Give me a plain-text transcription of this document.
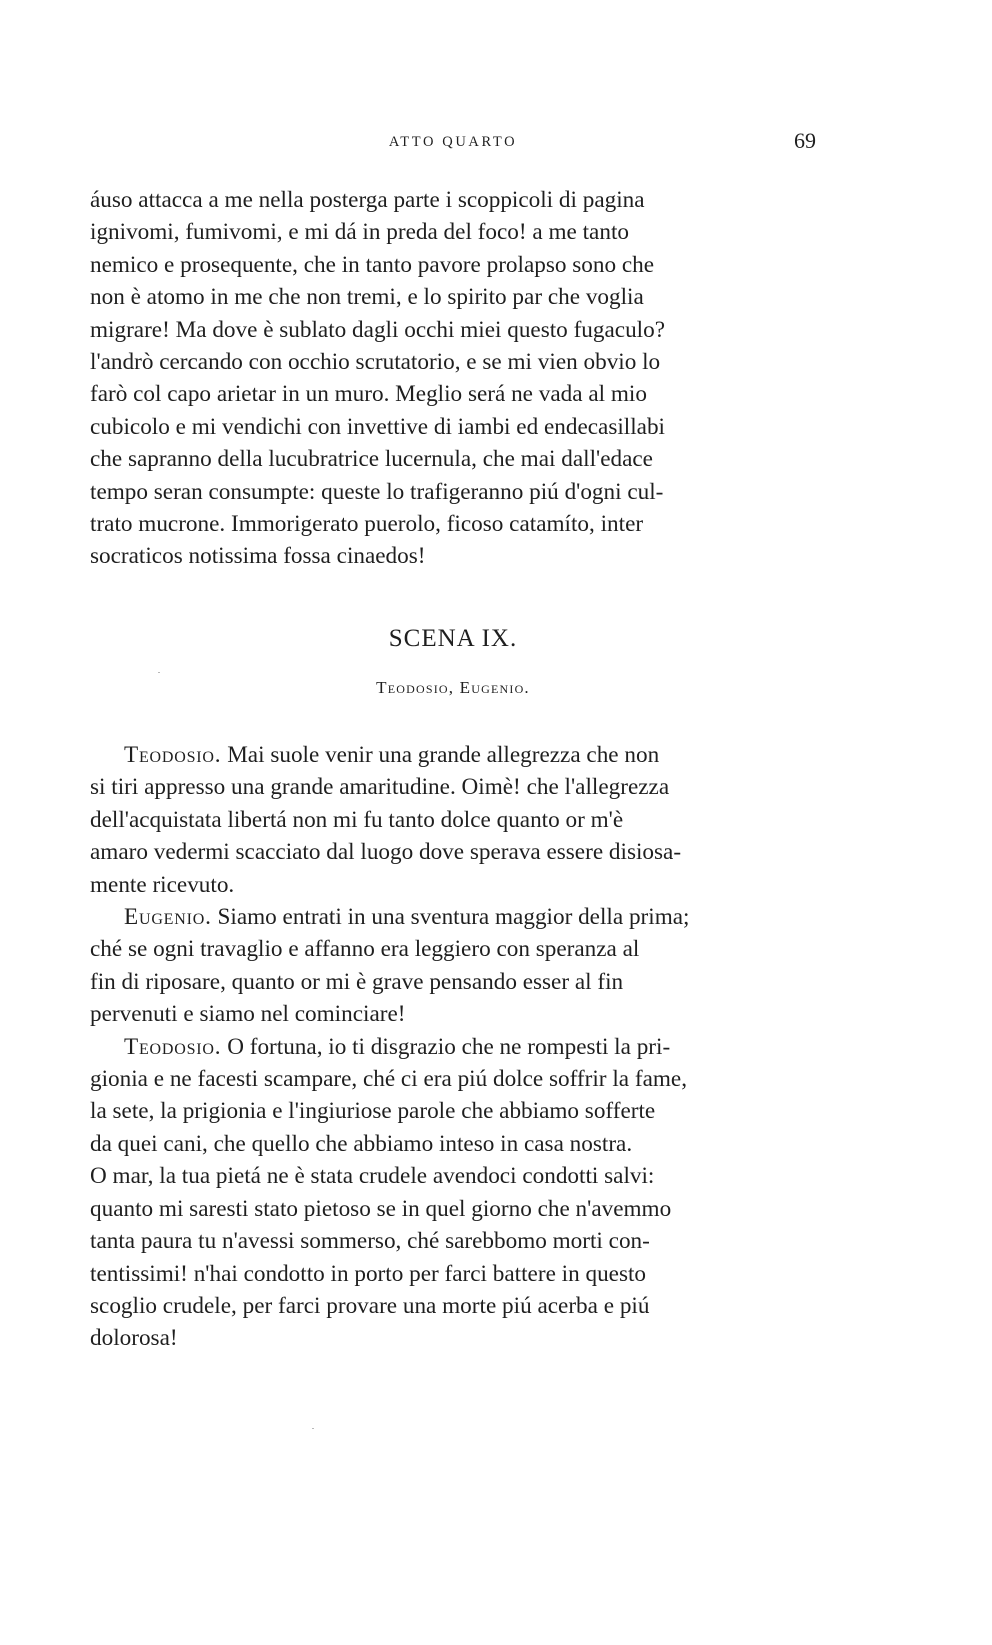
ATTO QUARTO	69
áuso attacca a me nella posterga parte i scoppicoli di pagina
ignivomi, fumivomi, e mi dá in preda del foco! a me tanto
nemico e prosequente, che in tanto pavore prolapso sono che
non è atomo in me che non tremi, e lo spirito par che voglia
migrare! Ma dove è sublato dagli occhi miei questo fugaculo?
l'andrò cercando con occhio scrutatorio, e se mi vien obvio lo
farò col capo arietar in un muro. Meglio será ne vada al mio
cubicolo e mi vendichi con invettive di iambi ed endecasillabi
che sapranno della lucubratrice lucernula, che mai dall'edace
tempo seran consumpte: queste lo trafigeranno piú d'ogni cul-
trato mucrone. Immorigerato puerolo, ficoso catamíto, inter
socraticos notissima fossa cinaedos!
SCENA IX.
Teodosio, Eugenio.
Teodosio. Mai suole venir una grande allegrezza che non
si tiri appresso una grande amaritudine. Oimè! che l'allegrezza
dell'acquistata libertá non mi fu tanto dolce quanto or m'è
amaro vedermi scacciato dal luogo dove sperava essere disiosa-
mente ricevuto.
Eugenio. Siamo entrati in una sventura maggior della prima;
ché se ogni travaglio e affanno era leggiero con speranza al
fin di riposare, quanto or mi è grave pensando esser al fin
pervenuti e siamo nel cominciare!
Teodosio. O fortuna, io ti disgrazio che ne rompesti la pri-
gionia e ne facesti scampare, ché ci era piú dolce soffrir la fame,
la sete, la prigionia e l'ingiuriose parole che abbiamo sofferte
da quei cani, che quello che abbiamo inteso in casa nostra.
O mar, la tua pietá ne è stata crudele avendoci condotti salvi:
quanto mi saresti stato pietoso se in quel giorno che n'avemmo
tanta paura tu n'avessi sommerso, ché sarebbomo morti con-
tentissimi! n'hai condotto in porto per farci battere in questo
scoglio crudele, per farci provare una morte piú acerba e piú
dolorosa!
